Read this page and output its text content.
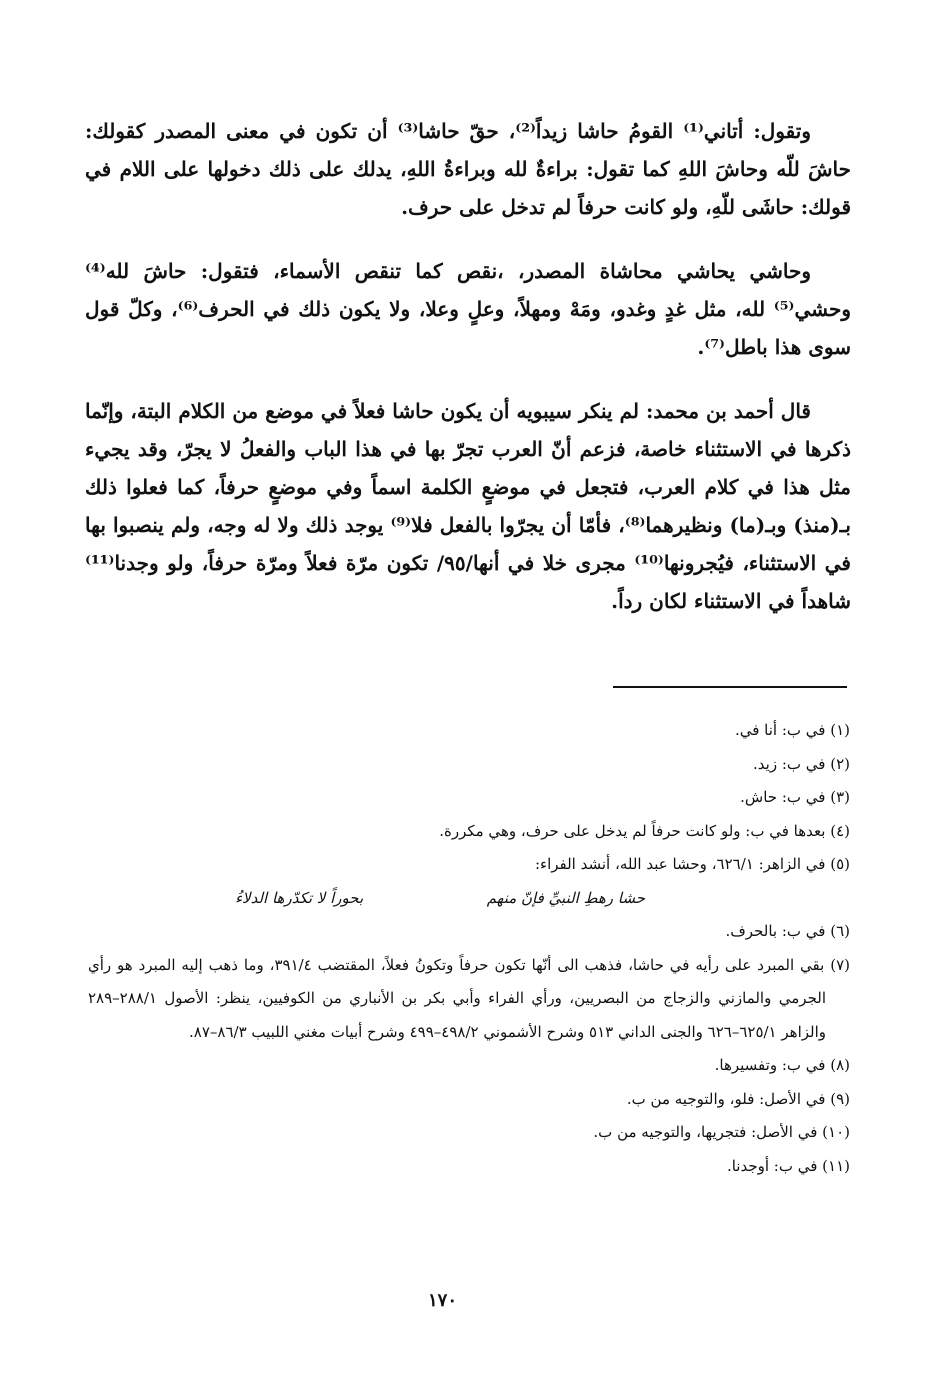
وتقول: أتاني⁽¹⁾ القومُ حاشا زيداً⁽²⁾، حقّ حاشا⁽³⁾ أن تكون في معنى المصدر كقولك: حاشَ للّه وحاشَ اللهِ كما تقول: براءةٌ لله وبراءةُ اللهِ، يدلك على ذلك دخولها على اللام في قولك: حاشَى للّهِ، ولو كانت حرفاً لم تدخل على حرف.

وحاشي يحاشي محاشاة المصدر، ،نقص كما تنقص الأسماء، فتقول: حاشَ لله⁽⁴⁾ وحشي⁽⁵⁾ لله، مثل غدٍ وغدو، ومَهْ ومهلاً، وعلٍ وعلا، ولا يكون ذلك في الحرف⁽⁶⁾، وكلّ قول سوى هذا باطل⁽⁷⁾.

قال أحمد بن محمد: لم ينكر سيبويه أن يكون حاشا فعلاً في موضع من الكلام البتة، وإنّما ذكرها في الاستثناء خاصة، فزعم أنّ العرب تجرّ بها في هذا الباب والفعلُ لا يجرّ، وقد يجيء مثل هذا في كلام العرب، فتجعل في موضعٍ الكلمة اسماً وفي موضعٍ حرفاً، كما فعلوا ذلك بـ(منذ) وبـ(ما) ونظيرهما⁽⁸⁾، فأمّا أن يجرّوا بالفعل فلا⁽⁹⁾ يوجد ذلك ولا له وجه، ولم ينصبوا بها في الاستثناء، فيُجرونها⁽¹⁰⁾ مجرى خلا في أنها/٩٥/ تكون مرّة فعلاً ومرّة حرفاً، ولو وجدنا⁽¹¹⁾ شاهداً في الاستثناء لكان رداً.

(١) في ب: أنا في.

(٢) في ب: زيد.

(٣) في ب: حاش.

(٤) بعدها في ب: ولو كانت حرفاً لم يدخل على حرف، وهي مكررة.

(٥) في الزاهر: ٦٢٦/١، وحشا عبد الله، أنشد الفراء:

حشا رهطِ النبيِّ فإنّ منهم
بحوراً لا تكدّرها الدلاءُ

(٦) في ب: بالحرف.

(٧) بقي المبرد على رأيه في حاشا، فذهب الى أنّها تكون حرفاً وتكونُ فعلاً، المقتضب ٣٩١/٤، وما ذهب إليه المبرد هو رأي الجرمي والمازني والزجاج من البصريين، ورأي الفراء وأبي بكر بن الأنباري من الكوفيين، ينظر: الأصول ٢٨٨/١–٢٨٩ والزاهر ٦٢٥/١–٦٢٦ والجنى الداني ٥١٣ وشرح الأشموني ٤٩٨/٢–٤٩٩ وشرح أبيات مغني اللبيب ٨٦/٣–٨٧.

(٨) في ب: وتفسيرها.

(٩) في الأصل: فلو، والتوجيه من ب.

(١٠) في الأصل: فتجريها، والتوجيه من ب.

(١١) في ب: أوجدنا.

١٧٠
